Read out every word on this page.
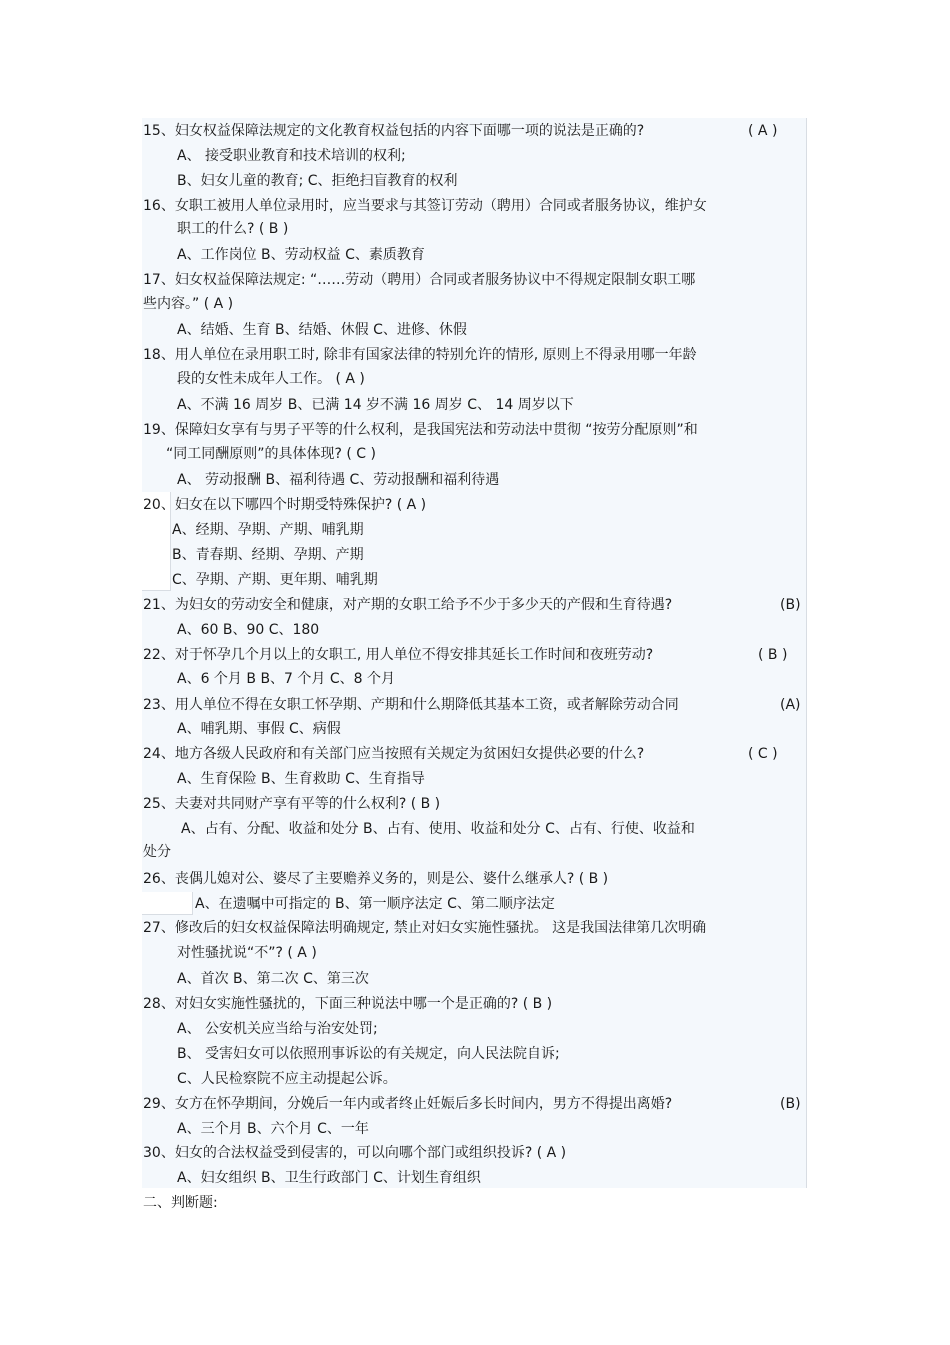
15、妇女权益保障法规定的文化教育权益包括的内容下面哪一项的说法是正确的?	( A )
A、 接受职业教育和技术培训的权利;
B、妇女儿童的教育; C、拒绝扫盲教育的权利
16、女职工被用人单位录用时，应当要求与其签订劳动（聘用）合同或者服务协议，维护女
职工的什么? ( B )
A、工作岗位 B、劳动权益 C、素质教育
17、妇女权益保障法规定: “……劳动（聘用）合同或者服务协议中不得规定限制女职工哪
些内容。” ( A )
A、结婚、生育 B、结婚、休假 C、进修、休假
18、用人单位在录用职工时, 除非有国家法律的特别允许的情形, 原则上不得录用哪一年龄
段的女性未成年人工作。 ( A )
A、不满 16 周岁 B、已满 14 岁不满 16 周岁 C、 14 周岁以下
19、保障妇女享有与男子平等的什么权利，是我国宪法和劳动法中贯彻 “按劳分配原则”和
“同工同酬原则”的具体体现? ( C )
A、 劳动报酬 B、福利待遇 C、劳动报酬和福利待遇
20、妇女在以下哪四个时期受特殊保护? ( A )
A、经期、孕期、产期、哺乳期
B、青春期、经期、孕期、产期
C、孕期、产期、更年期、哺乳期
21、为妇女的劳动安全和健康，对产期的女职工给予不少于多少天的产假和生育待遇?	(B)
A、60 B、90 C、180
22、对于怀孕几个月以上的女职工, 用人单位不得安排其延长工作时间和夜班劳动?	( B )
A、6 个月 B B、7 个月 C、8 个月
23、用人单位不得在女职工怀孕期、产期和什么期降低其基本工资，或者解除劳动合同	(A)
A、哺乳期、事假 C、病假
24、地方各级人民政府和有关部门应当按照有关规定为贫困妇女提供必要的什么?	( C )
A、生育保险 B、生育救助 C、生育指导
25、夫妻对共同财产享有平等的什么权利? ( B )
A、占有、分配、收益和处分 B、占有、使用、收益和处分 C、占有、行使、收益和
处分
26、丧偶儿媳对公、婆尽了主要赡养义务的，则是公、婆什么继承人? ( B )
A、在遗嘱中可指定的 B、第一顺序法定 C、第二顺序法定
27、修改后的妇女权益保障法明确规定, 禁止对妇女实施性骚扰。 这是我国法律第几次明确
对性骚扰说“不”? ( A )
A、首次 B、第二次 C、第三次
28、对妇女实施性骚扰的，下面三种说法中哪一个是正确的? ( B )
A、 公安机关应当给与治安处罚;
B、 受害妇女可以依照刑事诉讼的有关规定，向人民法院自诉;
C、人民检察院不应主动提起公诉。
29、女方在怀孕期间，分娩后一年内或者终止妊娠后多长时间内，男方不得提出离婚?	(B)
A、三个月 B、六个月 C、一年
30、妇女的合法权益受到侵害的，可以向哪个部门或组织投诉? ( A )
A、妇女组织 B、卫生行政部门 C、计划生育组织
二、判断题:
